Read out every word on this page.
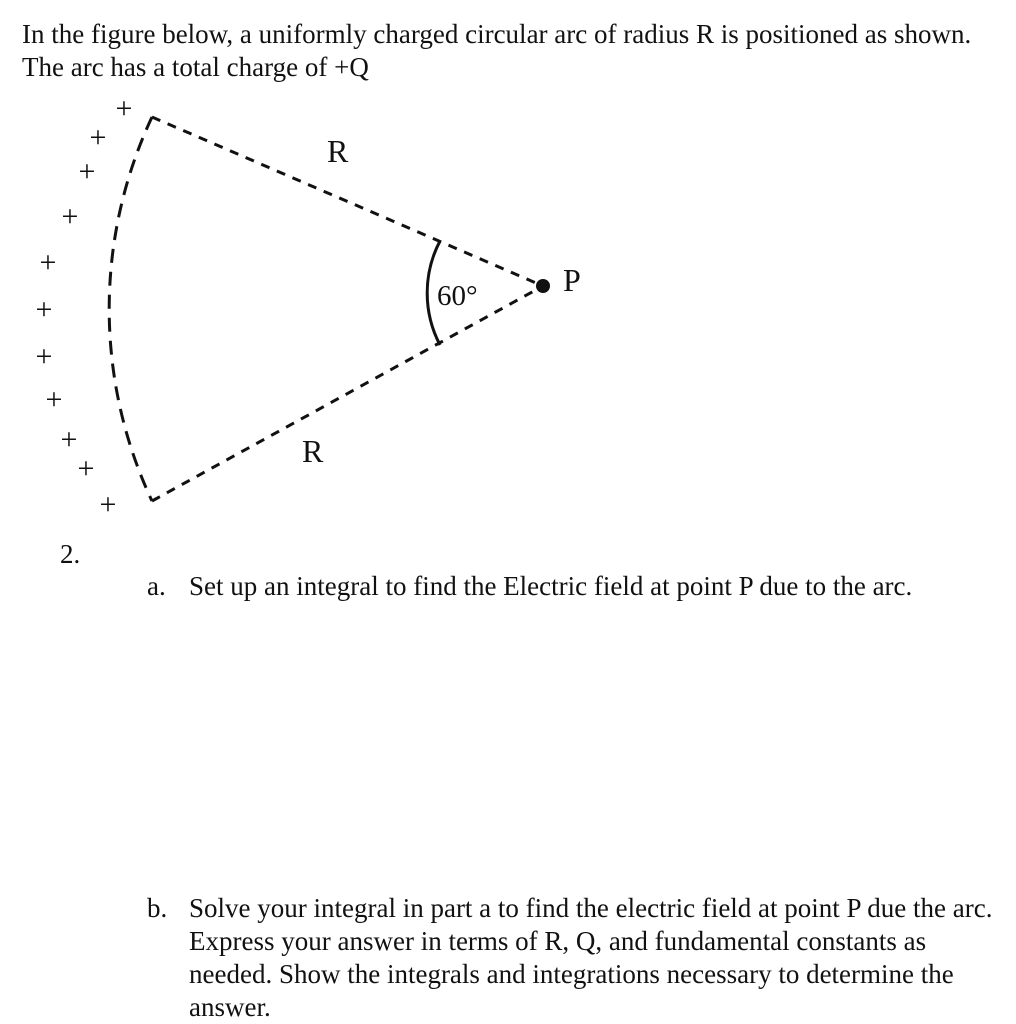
In the figure below, a uniformly charged circular arc of radius R is positioned as shown. The arc has a total charge of +Q

R
R
60°	P
+
+
+
+
+
+
+
+
+
+
+
2.
a. Set up an integral to find the Electric field at point P due to the arc.
b. Solve your integral in part a to find the electric field at point P due the arc. Express your answer in terms of R, Q, and fundamental constants as needed. Show the integrals and integrations necessary to determine the answer.
